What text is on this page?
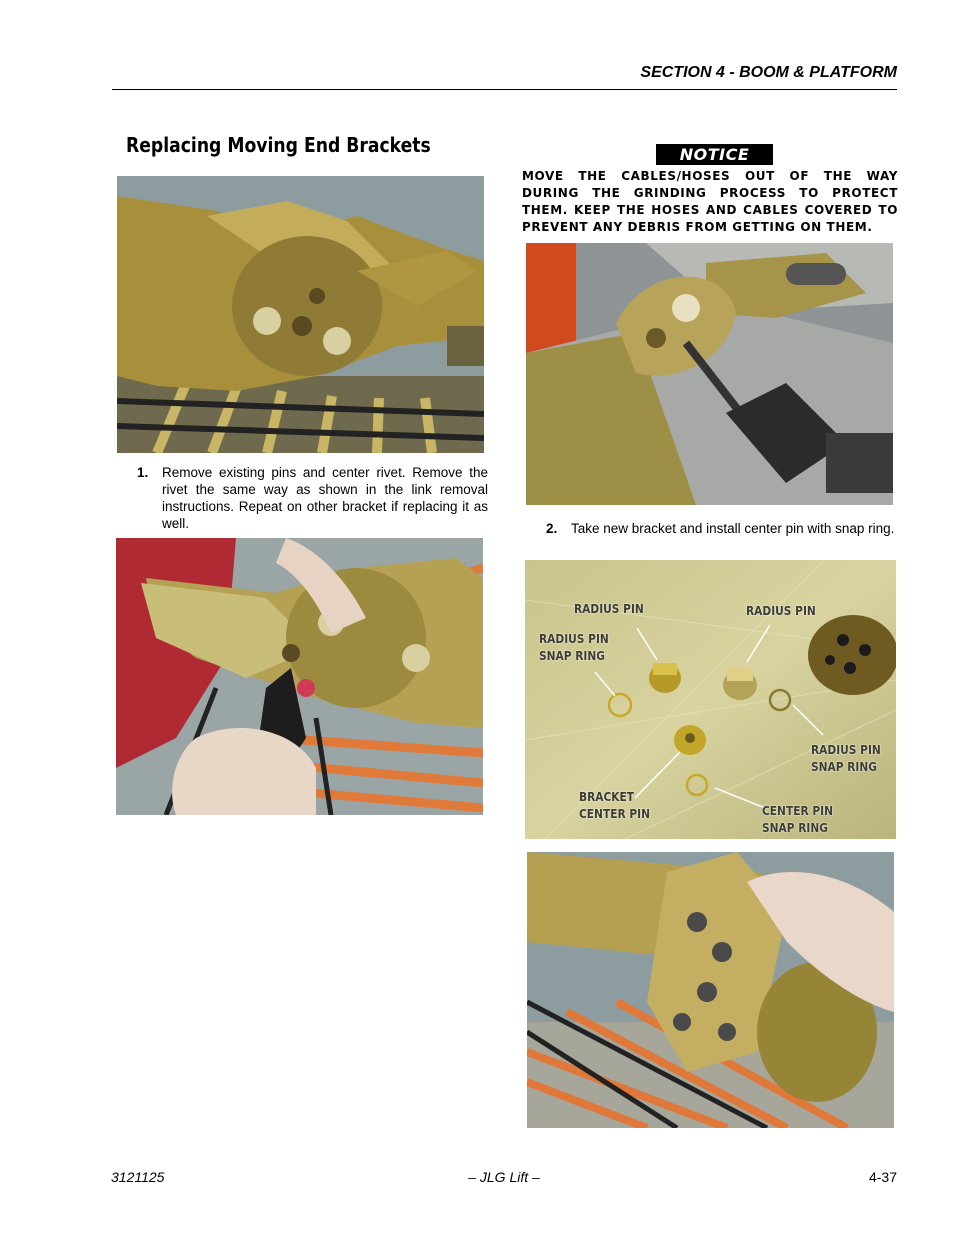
SECTION 4 - BOOM & PLATFORM
Replacing Moving End Brackets
1. Remove existing pins and center rivet. Remove the rivet the same way as shown in the link removal instructions. Repeat on other bracket if replacing it as well.
NOTICE
MOVE THE CABLES/HOSES OUT OF THE WAY DURING THE GRINDING PROCESS TO PROTECT THEM. KEEP THE HOSES AND CABLES COVERED TO PREVENT ANY DEBRIS FROM GETTING ON THEM.
2. Take new bracket and install center pin with snap ring.
RADIUS PIN	RADIUS PIN
RADIUS PIN
SNAP RING
RADIUS PIN
SNAP RING
BRACKET
CENTER PIN	CENTER PIN
SNAP RING
3121125	– JLG Lift –	4-37
